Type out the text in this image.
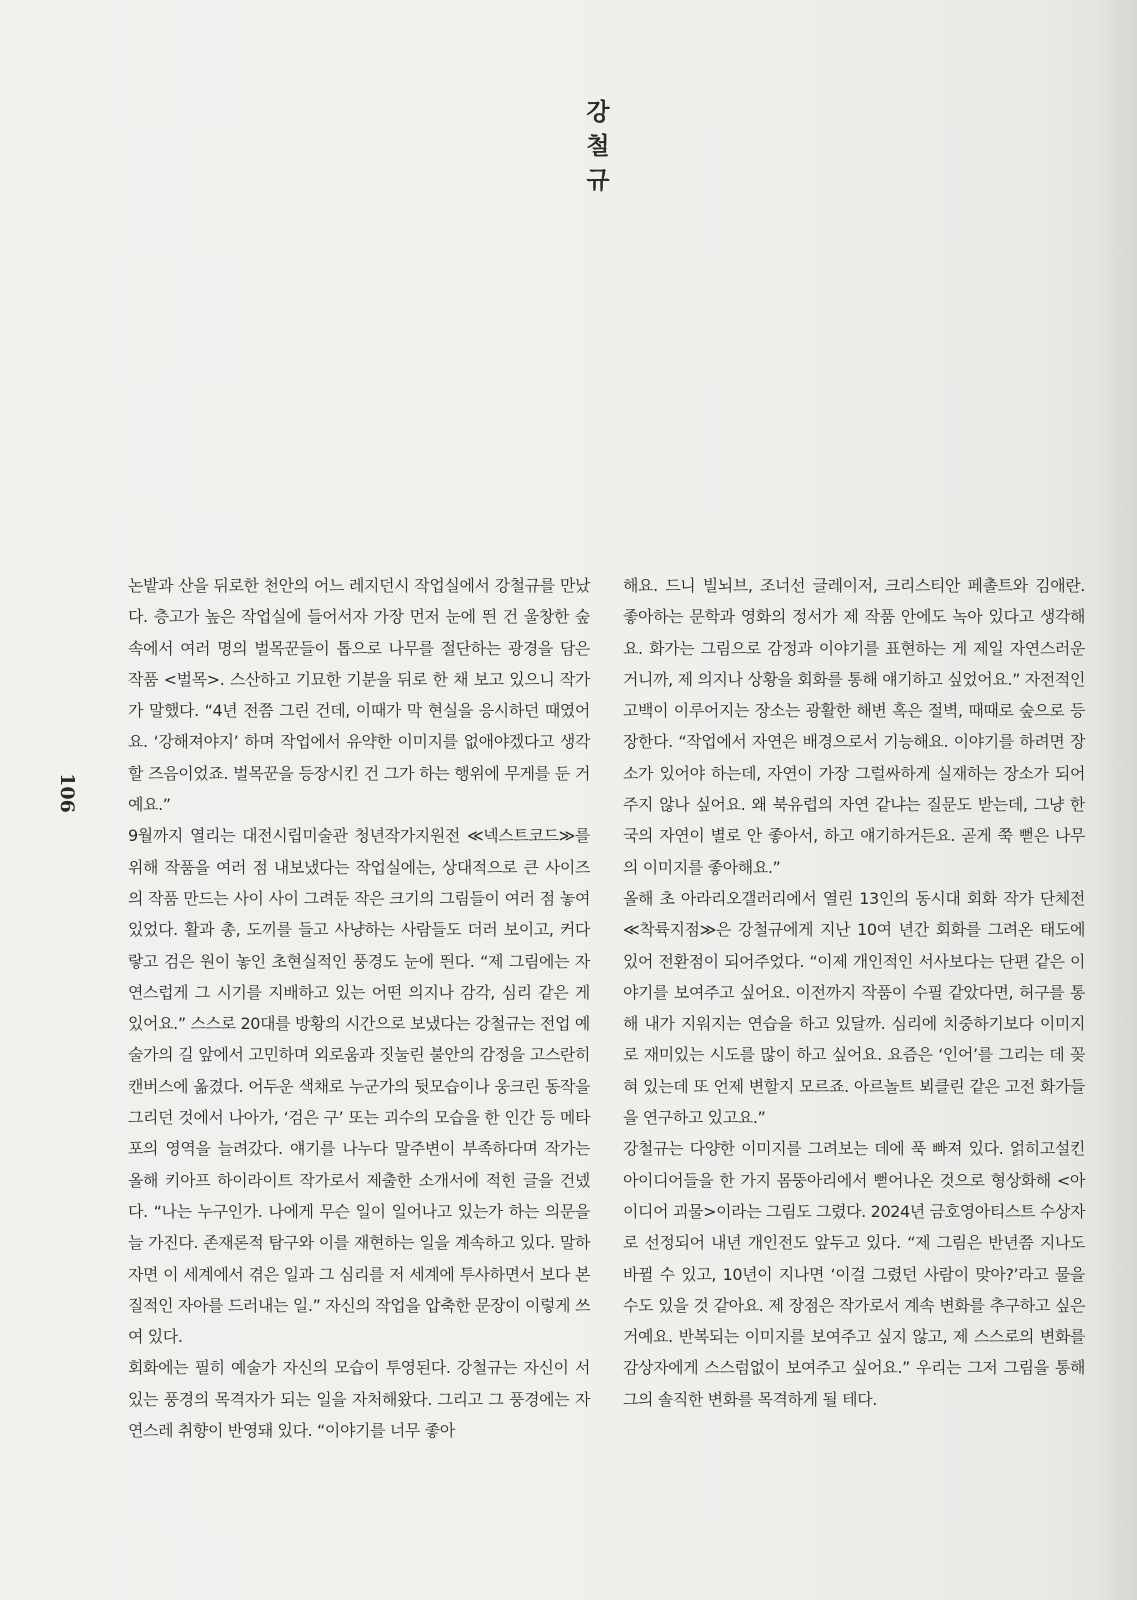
강
철
규
106

논밭과 산을 뒤로한 천안의 어느 레지던시 작업실에서 강철규를 만났다. 층고가 높은 작업실에 들어서자 가장 먼저 눈에 띈 건 울창한 숲속에서 여러 명의 벌목꾼들이 톱으로 나무를 절단하는 광경을 담은 작품 <벌목>. 스산하고 기묘한 기분을 뒤로 한 채 보고 있으니 작가가 말했다. “4년 전쯤 그린 건데, 이때가 막 현실을 응시하던 때였어요. ‘강해져야지’ 하며 작업에서 유약한 이미지를 없애야겠다고 생각할 즈음이었죠. 벌목꾼을 등장시킨 건 그가 하는 행위에 무게를 둔 거예요.”

9월까지 열리는 대전시립미술관 청년작가지원전 ≪넥스트코드≫를 위해 작품을 여러 점 내보냈다는 작업실에는, 상대적으로 큰 사이즈의 작품 만드는 사이 사이 그려둔 작은 크기의 그림들이 여러 점 놓여 있었다. 활과 총, 도끼를 들고 사냥하는 사람들도 더러 보이고, 커다랗고 검은 원이 놓인 초현실적인 풍경도 눈에 띈다. “제 그림에는 자연스럽게 그 시기를 지배하고 있는 어떤 의지나 감각, 심리 같은 게 있어요.” 스스로 20대를 방황의 시간으로 보냈다는 강철규는 전업 예술가의 길 앞에서 고민하며 외로움과 짓눌린 불안의 감정을 고스란히 캔버스에 옮겼다. 어두운 색채로 누군가의 뒷모습이나 웅크린 동작을 그리던 것에서 나아가, ‘검은 구’ 또는 괴수의 모습을 한 인간 등 메타포의 영역을 늘려갔다. 얘기를 나누다 말주변이 부족하다며 작가는 올해 키아프 하이라이트 작가로서 제출한 소개서에 적힌 글을 건넸다. “나는 누구인가. 나에게 무슨 일이 일어나고 있는가 하는 의문을 늘 가진다. 존재론적 탐구와 이를 재현하는 일을 계속하고 있다. 말하자면 이 세계에서 겪은 일과 그 심리를 저 세계에 투사하면서 보다 본질적인 자아를 드러내는 일.” 자신의 작업을 압축한 문장이 이렇게 쓰여 있다.

회화에는 필히 예술가 자신의 모습이 투영된다. 강철규는 자신이 서 있는 풍경의 목격자가 되는 일을 자처해왔다. 그리고 그 풍경에는 자연스레 취향이 반영돼 있다. “이야기를 너무 좋아

해요. 드니 빌뇌브, 조너선 글레이저, 크리스티안 페촐트와 김애란. 좋아하는 문학과 영화의 정서가 제 작품 안에도 녹아 있다고 생각해요. 화가는 그림으로 감정과 이야기를 표현하는 게 제일 자연스러운 거니까, 제 의지나 상황을 회화를 통해 얘기하고 싶었어요.” 자전적인 고백이 이루어지는 장소는 광활한 해변 혹은 절벽, 때때로 숲으로 등장한다. “작업에서 자연은 배경으로서 기능해요. 이야기를 하려면 장소가 있어야 하는데, 자연이 가장 그럴싸하게 실재하는 장소가 되어주지 않나 싶어요. 왜 북유럽의 자연 같냐는 질문도 받는데, 그냥 한국의 자연이 별로 안 좋아서, 하고 얘기하거든요. 곧게 쭉 뻗은 나무의 이미지를 좋아해요.”

올해 초 아라리오갤러리에서 열린 13인의 동시대 회화 작가 단체전 ≪착륙지점≫은 강철규에게 지난 10여 년간 회화를 그려온 태도에 있어 전환점이 되어주었다. “이제 개인적인 서사보다는 단편 같은 이야기를 보여주고 싶어요. 이전까지 작품이 수필 같았다면, 허구를 통해 내가 지워지는 연습을 하고 있달까. 심리에 치중하기보다 이미지로 재미있는 시도를 많이 하고 싶어요. 요즘은 ‘인어’를 그리는 데 꽂혀 있는데 또 언제 변할지 모르죠. 아르놀트 뵈클린 같은 고전 화가들을 연구하고 있고요.”

강철규는 다양한 이미지를 그려보는 데에 푹 빠져 있다. 얽히고설킨 아이디어들을 한 가지 몸뚱아리에서 뻗어나온 것으로 형상화해 <아이디어 괴물>이라는 그림도 그렸다. 2024년 금호영아티스트 수상자로 선정되어 내년 개인전도 앞두고 있다. “제 그림은 반년쯤 지나도 바뀔 수 있고, 10년이 지나면 ‘이걸 그렸던 사람이 맞아?’라고 물을 수도 있을 것 같아요. 제 장점은 작가로서 계속 변화를 추구하고 싶은 거예요. 반복되는 이미지를 보여주고 싶지 않고, 제 스스로의 변화를 감상자에게 스스럼없이 보여주고 싶어요.” 우리는 그저 그림을 통해 그의 솔직한 변화를 목격하게 될 테다.
